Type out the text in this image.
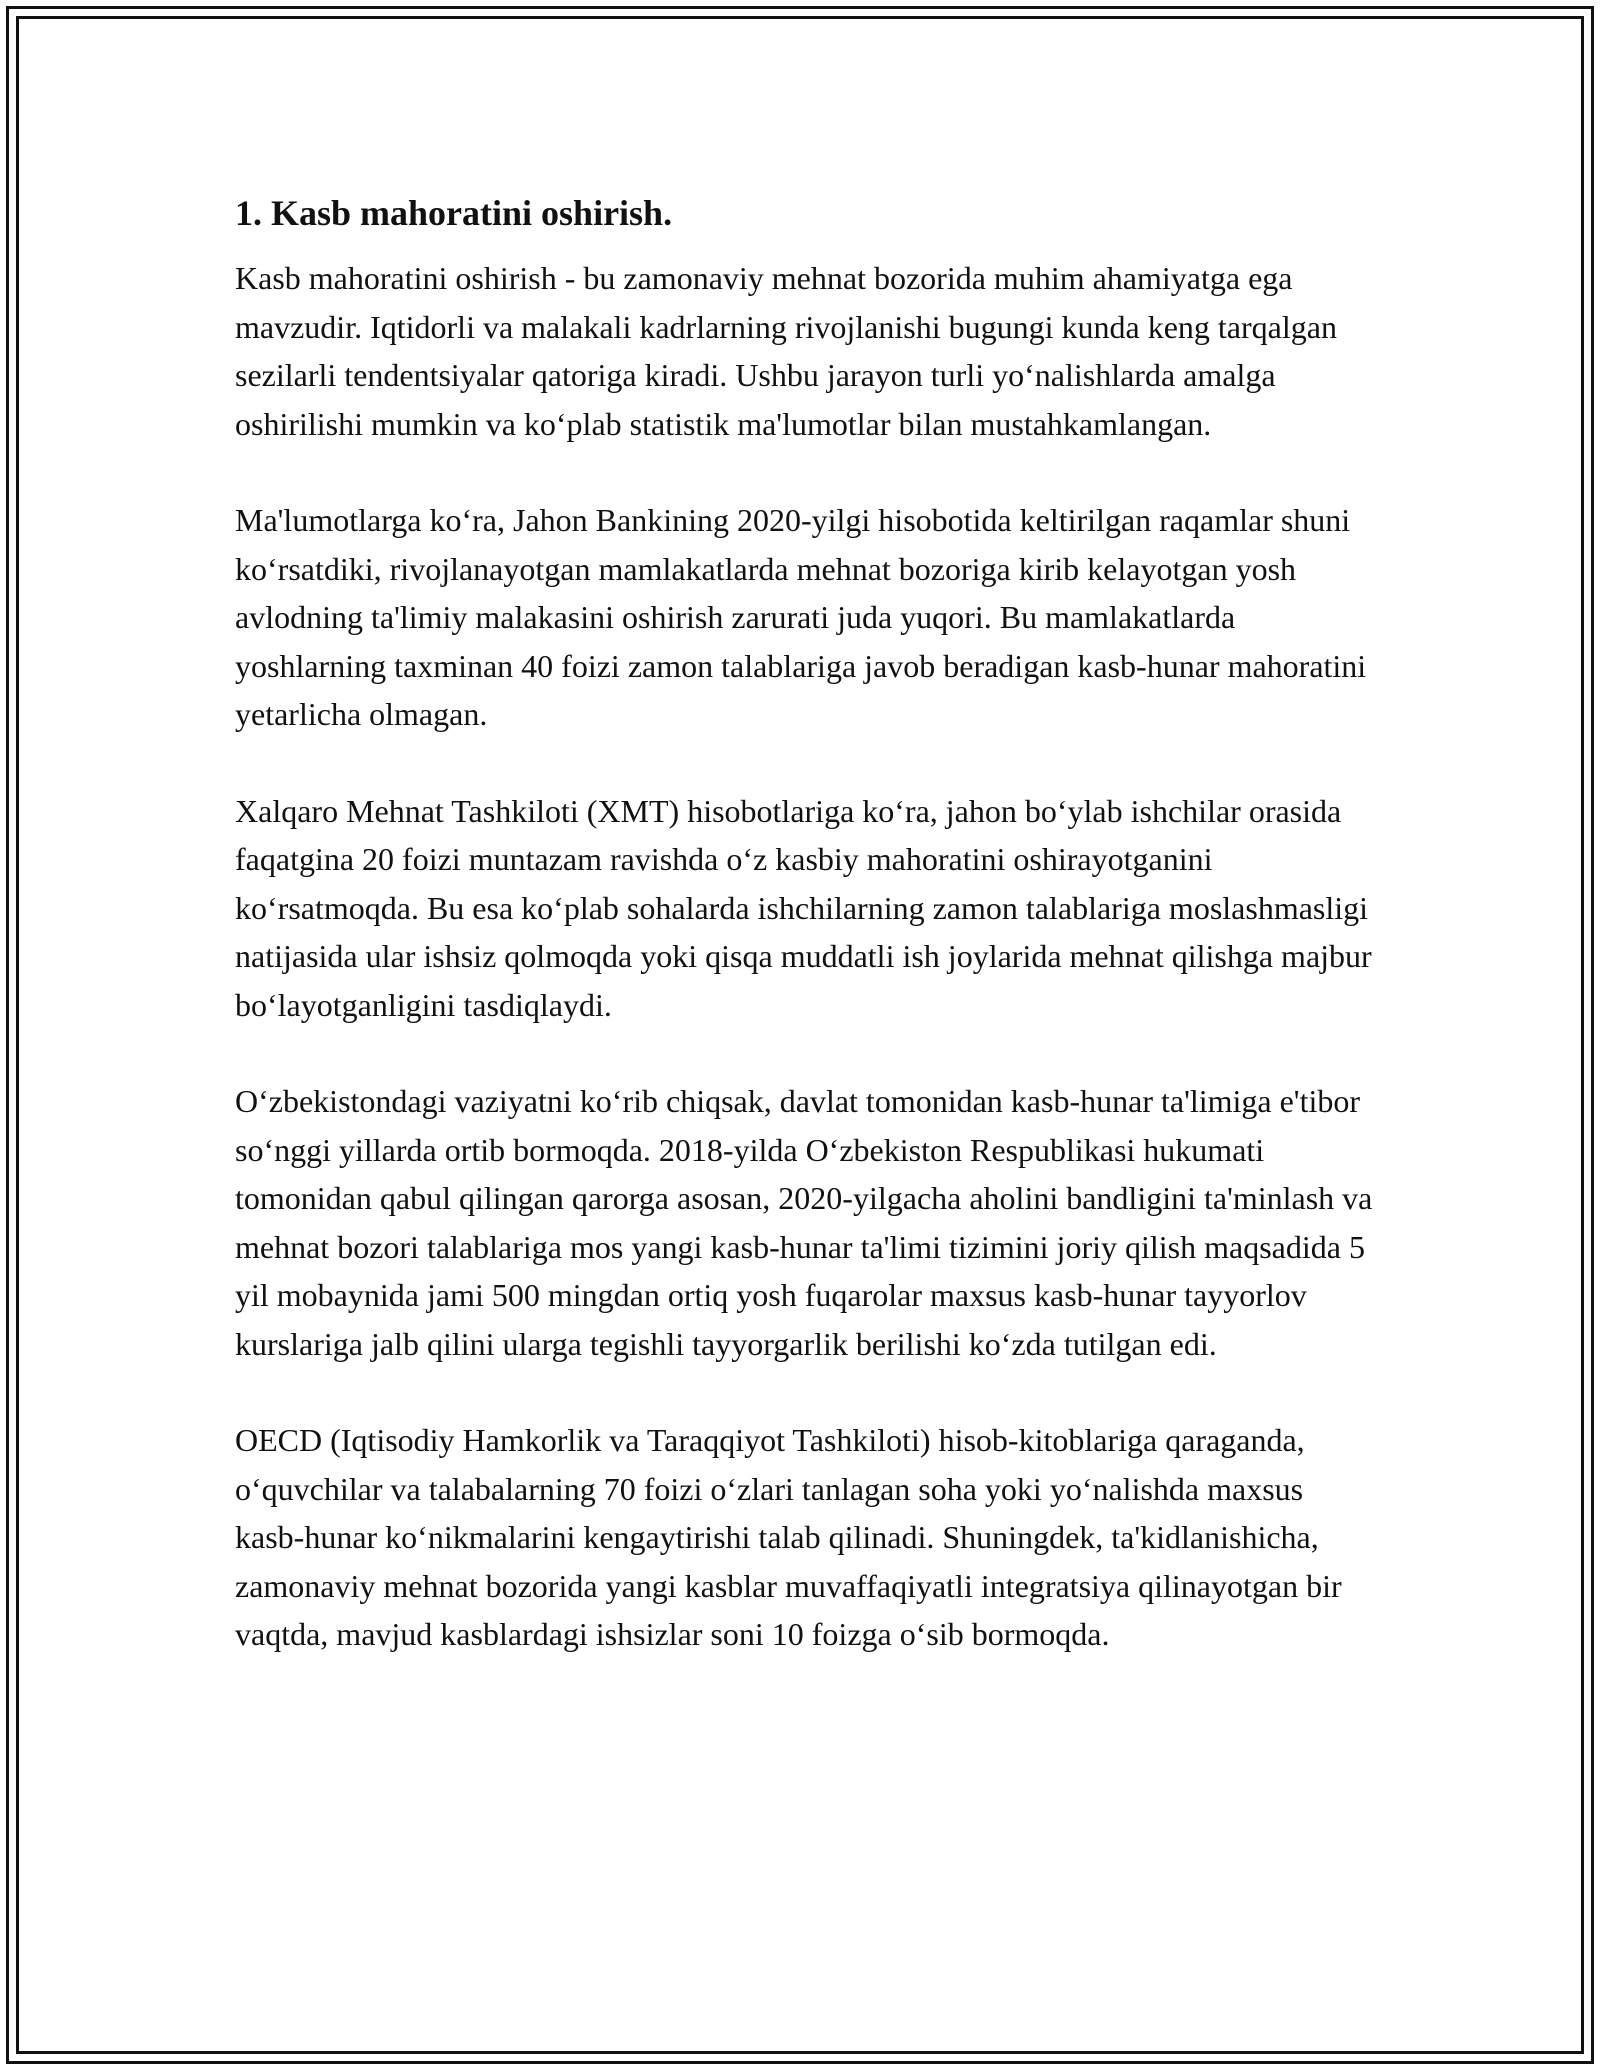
1. Kasb mahoratini oshirish.

Kasb mahoratini oshirish - bu zamonaviy mehnat bozorida muhim ahamiyatga ega mavzudir. Iqtidorli va malakali kadrlarning rivojlanishi bugungi kunda keng tarqalgan sezilarli tendentsiyalar qatoriga kiradi. Ushbu jarayon turli yo‘nalishlarda amalga oshirilishi mumkin va ko‘plab statistik ma'lumotlar bilan mustahkamlangan.

Ma'lumotlarga ko‘ra, Jahon Bankining 2020-yilgi hisobotida keltirilgan raqamlar shuni ko‘rsatdiki, rivojlanayotgan mamlakatlarda mehnat bozoriga kirib kelayotgan yosh avlodning ta'limiy malakasini oshirish zarurati juda yuqori. Bu mamlakatlarda yoshlarning taxminan 40 foizi zamon talablariga javob beradigan kasb-hunar mahoratini yetarlicha olmagan.

Xalqaro Mehnat Tashkiloti (XMT) hisobotlariga ko‘ra, jahon bo‘ylab ishchilar orasida faqatgina 20 foizi muntazam ravishda o‘z kasbiy mahoratini oshirayotganini ko‘rsatmoqda. Bu esa ko‘plab sohalarda ishchilarning zamon talablariga moslashmasligi natijasida ular ishsiz qolmoqda yoki qisqa muddatli ish joylarida mehnat qilishga majbur bo‘layotganligini tasdiqlaydi.

O‘zbekistondagi vaziyatni ko‘rib chiqsak, davlat tomonidan kasb-hunar ta'limiga e'tibor so‘nggi yillarda ortib bormoqda. 2018-yilda O‘zbekiston Respublikasi hukumati tomonidan qabul qilingan qarorga asosan, 2020-yilgacha aholini bandligini ta'minlash va mehnat bozori talablariga mos yangi kasb-hunar ta'limi tizimini joriy qilish maqsadida 5 yil mobaynida jami 500 mingdan ortiq yosh fuqarolar maxsus kasb-hunar tayyorlov kurslariga jalb qilini ularga tegishli tayyorgarlik berilishi ko‘zda tutilgan edi.

OECD (Iqtisodiy Hamkorlik va Taraqqiyot Tashkiloti) hisob-kitoblariga qaraganda, o‘quvchilar va talabalarning 70 foizi o‘zlari tanlagan soha yoki yo‘nalishda maxsus kasb-hunar ko‘nikmalarini kengaytirishi talab qilinadi. Shuningdek, ta'kidlanishicha, zamonaviy mehnat bozorida yangi kasblar muvaffaqiyatli integratsiya qilinayotgan bir vaqtda, mavjud kasblardagi ishsizlar soni 10 foizga o‘sib bormoqda.
